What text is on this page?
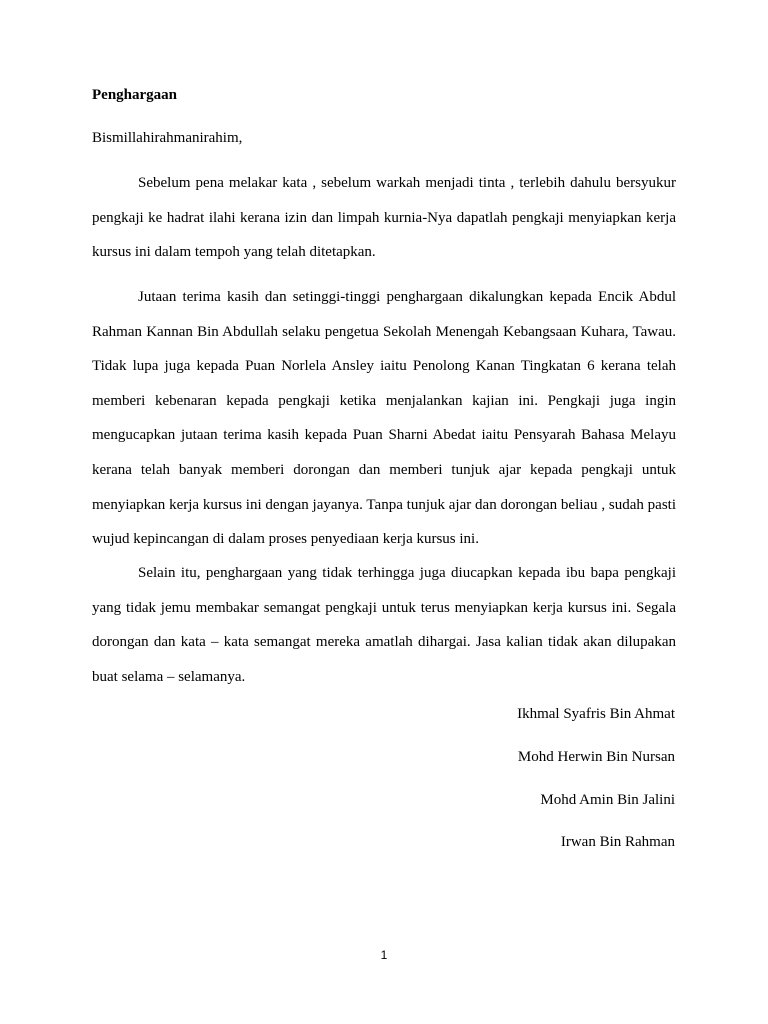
Penghargaan

Bismillahirahmanirahim,

Sebelum pena melakar kata , sebelum warkah menjadi tinta , terlebih dahulu bersyukur pengkaji ke hadrat ilahi kerana izin dan limpah kurnia-Nya dapatlah pengkaji menyiapkan kerja kursus ini dalam tempoh yang telah ditetapkan.

Jutaan terima kasih dan setinggi-tinggi penghargaan dikalungkan kepada Encik Abdul Rahman Kannan Bin Abdullah selaku pengetua Sekolah Menengah Kebangsaan Kuhara, Tawau. Tidak lupa juga kepada Puan Norlela Ansley iaitu Penolong Kanan Tingkatan 6 kerana telah memberi kebenaran kepada pengkaji ketika menjalankan kajian ini. Pengkaji juga ingin mengucapkan jutaan terima kasih kepada Puan Sharni Abedat iaitu Pensyarah Bahasa Melayu kerana telah banyak memberi dorongan dan memberi tunjuk ajar kepada pengkaji untuk menyiapkan kerja kursus ini dengan jayanya. Tanpa tunjuk ajar dan dorongan beliau , sudah pasti wujud kepincangan di dalam proses penyediaan kerja kursus ini.

Selain itu, penghargaan yang tidak terhingga juga diucapkan kepada ibu bapa pengkaji yang tidak jemu membakar semangat pengkaji untuk terus menyiapkan kerja kursus ini. Segala dorongan dan kata – kata semangat mereka amatlah dihargai. Jasa kalian tidak akan dilupakan buat selama – selamanya.

Ikhmal Syafris Bin Ahmat

Mohd Herwin Bin Nursan

Mohd Amin Bin Jalini

Irwan Bin Rahman

1
